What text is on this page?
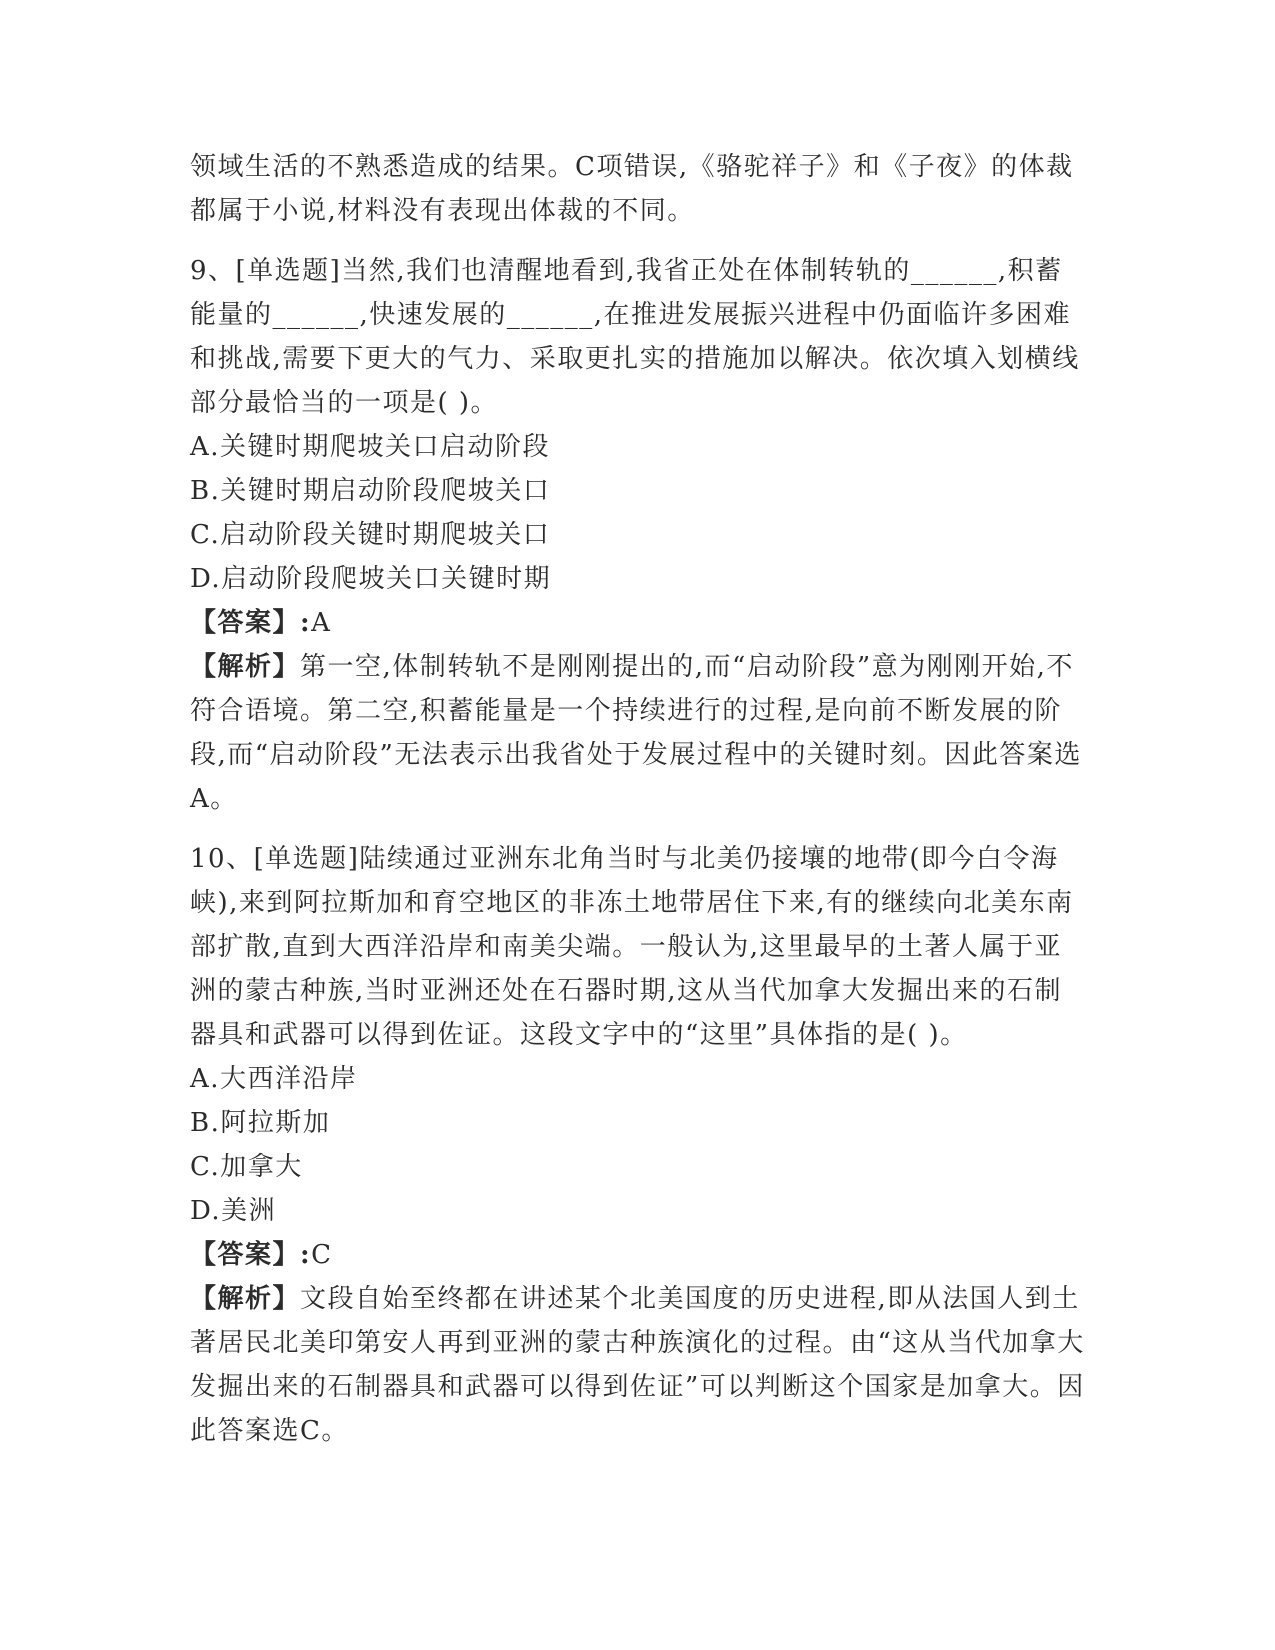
领域生活的不熟悉造成的结果。C项错误,《骆驼祥子》和《子夜》的体裁都属于小说,材料没有表现出体裁的不同。

9、[单选题]当然,我们也清醒地看到,我省正处在体制转轨的______,积蓄能量的______,快速发展的______,在推进发展振兴进程中仍面临许多困难和挑战,需要下更大的气力、采取更扎实的措施加以解决。依次填入划横线部分最恰当的一项是( )。

A.关键时期爬坡关口启动阶段

B.关键时期启动阶段爬坡关口

C.启动阶段关键时期爬坡关口

D.启动阶段爬坡关口关键时期

【答案】:A

【解析】第一空,体制转轨不是刚刚提出的,而“启动阶段”意为刚刚开始,不符合语境。第二空,积蓄能量是一个持续进行的过程,是向前不断发展的阶段,而“启动阶段”无法表示出我省处于发展过程中的关键时刻。因此答案选A。

10、[单选题]陆续通过亚洲东北角当时与北美仍接壤的地带(即今白令海峡),来到阿拉斯加和育空地区的非冻土地带居住下来,有的继续向北美东南部扩散,直到大西洋沿岸和南美尖端。一般认为,这里最早的土著人属于亚洲的蒙古种族,当时亚洲还处在石器时期,这从当代加拿大发掘出来的石制器具和武器可以得到佐证。这段文字中的“这里”具体指的是( )。

A.大西洋沿岸

B.阿拉斯加

C.加拿大

D.美洲

【答案】:C

【解析】文段自始至终都在讲述某个北美国度的历史进程,即从法国人到土著居民北美印第安人再到亚洲的蒙古种族演化的过程。由“这从当代加拿大发掘出来的石制器具和武器可以得到佐证”可以判断这个国家是加拿大。因此答案选C。
